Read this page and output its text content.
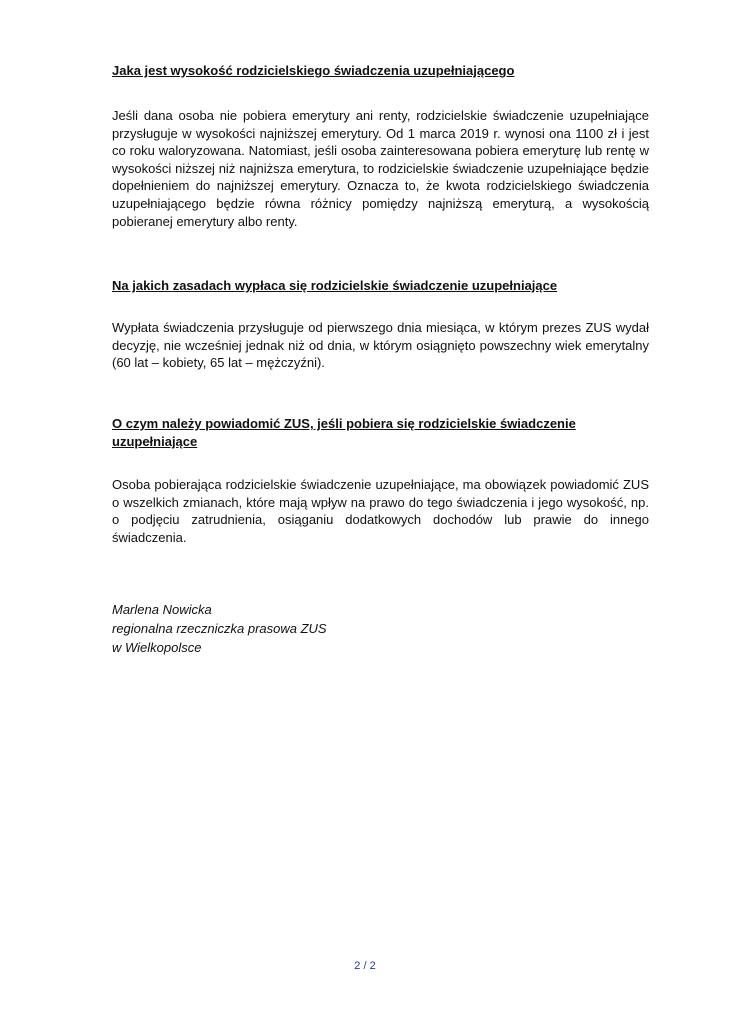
Jaka jest wysokość rodzicielskiego świadczenia uzupełniającego

Jeśli dana osoba nie pobiera emerytury ani renty, rodzicielskie świadczenie uzupełniające przysługuje w wysokości najniższej emerytury. Od 1 marca 2019 r. wynosi ona 1100 zł i jest co roku waloryzowana. Natomiast, jeśli osoba zainteresowana pobiera emeryturę lub rentę w wysokości niższej niż najniższa emerytura, to rodzicielskie świadczenie uzupełniające będzie dopełnieniem do najniższej emerytury. Oznacza to, że kwota rodzicielskiego świadczenia uzupełniającego będzie równa różnicy pomiędzy najniższą emeryturą, a wysokością pobieranej emerytury albo renty.

Na jakich zasadach wypłaca się rodzicielskie świadczenie uzupełniające

Wypłata świadczenia przysługuje od pierwszego dnia miesiąca, w którym prezes ZUS wydał decyzję, nie wcześniej jednak niż od dnia, w którym osiągnięto powszechny wiek emerytalny (60 lat – kobiety, 65 lat – mężczyźni).

O czym należy powiadomić ZUS, jeśli pobiera się rodzicielskie świadczenie uzupełniające

Osoba pobierająca rodzicielskie świadczenie uzupełniające, ma obowiązek powiadomić ZUS o wszelkich zmianach, które mają wpływ na prawo do tego świadczenia i jego wysokość, np. o podjęciu zatrudnienia, osiąganiu dodatkowych dochodów lub prawie do innego świadczenia.

Marlena Nowicka
regionalna rzeczniczka prasowa ZUS
w Wielkopolsce
2 / 2
